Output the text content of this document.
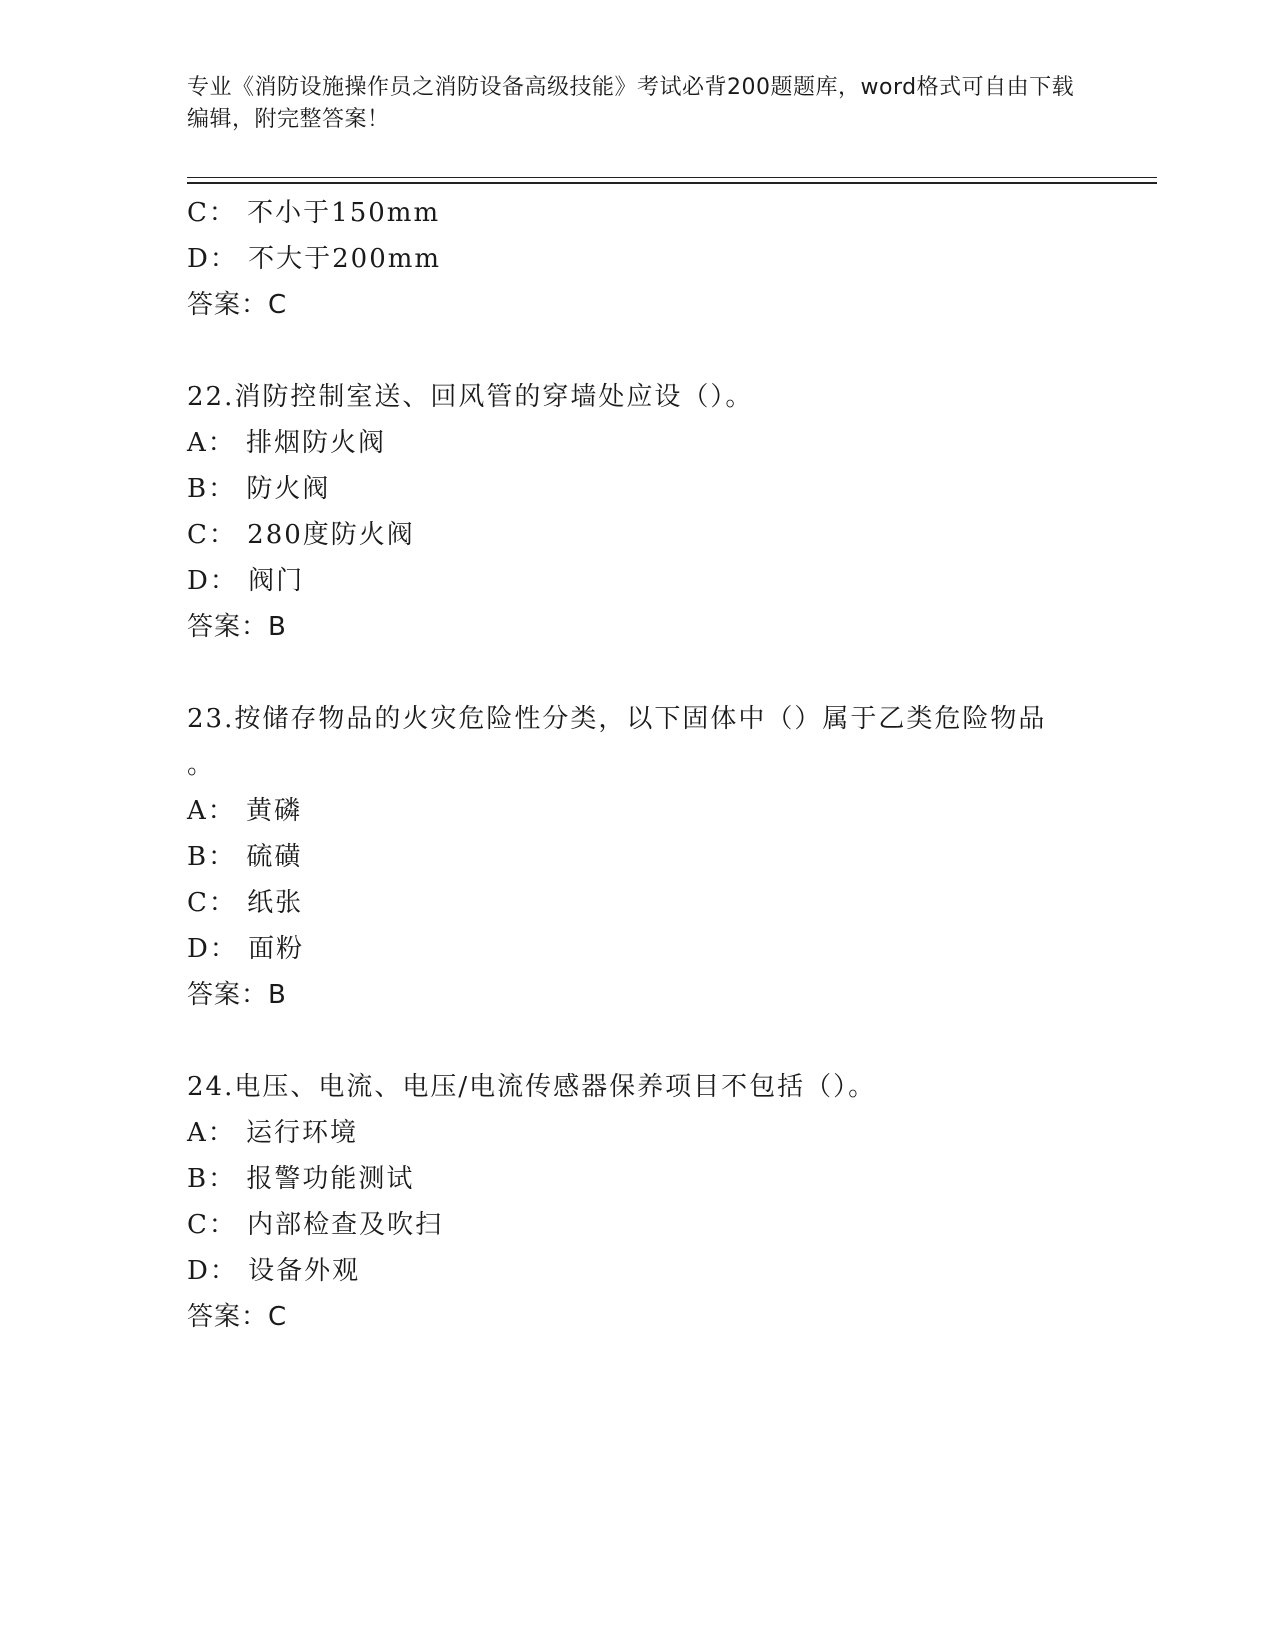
专业《消防设施操作员之消防设备高级技能》考试必背200题题库，word格式可自由下载编辑，附完整答案！
C： 不小于150mm
D： 不大于200mm
答案：C
22.消防控制室送、回风管的穿墙处应设（）。
A： 排烟防火阀
B： 防火阀
C： 280度防火阀
D： 阀门
答案：B
23.按储存物品的火灾危险性分类，以下固体中（）属于乙类危险物品
。
A： 黄磷
B： 硫磺
C： 纸张
D： 面粉
答案：B
24.电压、电流、电压/电流传感器保养项目不包括（）。
A： 运行环境
B： 报警功能测试
C： 内部检查及吹扫
D： 设备外观
答案：C
